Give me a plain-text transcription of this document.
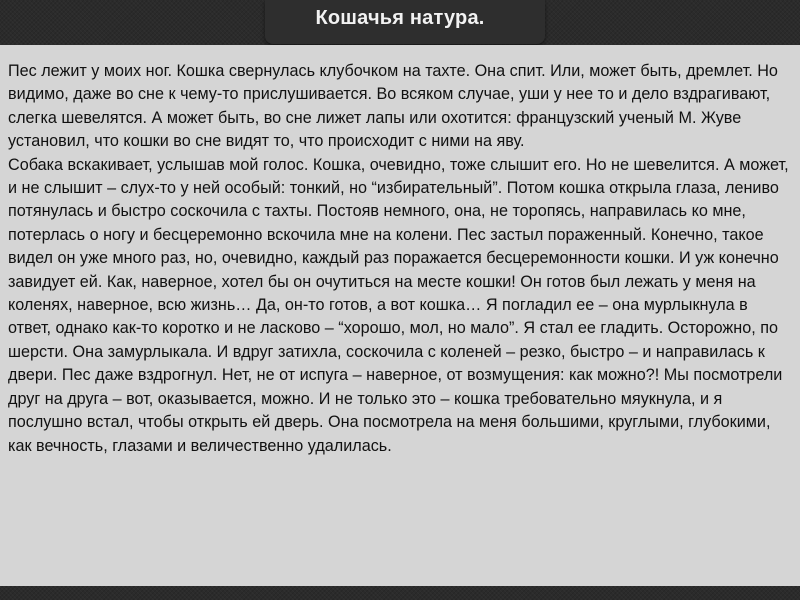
Кошачья натура.

Пес лежит у моих ног. Кошка свернулась клубочком на тахте. Она спит. Или, может быть, дремлет. Но видимо, даже во сне к чему-то прислушивается. Во всяком случае, уши у нее то и дело вздрагивают, слегка шевелятся. А может быть, во сне лижет лапы или охотится: французский ученый М. Жуве установил, что кошки во сне видят то, что происходит с ними на яву.

Собака вскакивает, услышав мой голос. Кошка, очевидно, тоже слышит его. Но не шевелится. А может, и не слышит – слух-то у ней особый: тонкий, но “избирательный”. Потом кошка открыла глаза, лениво потянулась и быстро соскочила с тахты. Постояв немного, она, не торопясь, направилась ко мне, потерлась о ногу и бесцеремонно вскочила мне на колени. Пес застыл пораженный. Конечно, такое видел он уже много раз, но, очевидно, каждый раз поражается бесцеремонности кошки. И уж конечно завидует ей. Как, наверное, хотел бы он очутиться на месте кошки! Он готов был лежать у меня на коленях, наверное, всю жизнь… Да, он-то готов, а вот кошка… Я погладил ее – она мурлыкнула в ответ, однако как-то коротко и не ласково – “хорошо, мол, но мало”. Я стал ее гладить. Осторожно, по шерсти. Она замурлыкала. И вдруг затихла, соскочила с коленей – резко, быстро – и направилась к двери. Пес даже вздрогнул. Нет, не от испуга – наверное, от возмущения: как можно?! Мы посмотрели друг на друга – вот, оказывается, можно. И не только это – кошка требовательно мяукнула, и я послушно встал, чтобы открыть ей дверь. Она посмотрела на меня большими, круглыми, глубокими, как вечность, глазами и величественно удалилась.
